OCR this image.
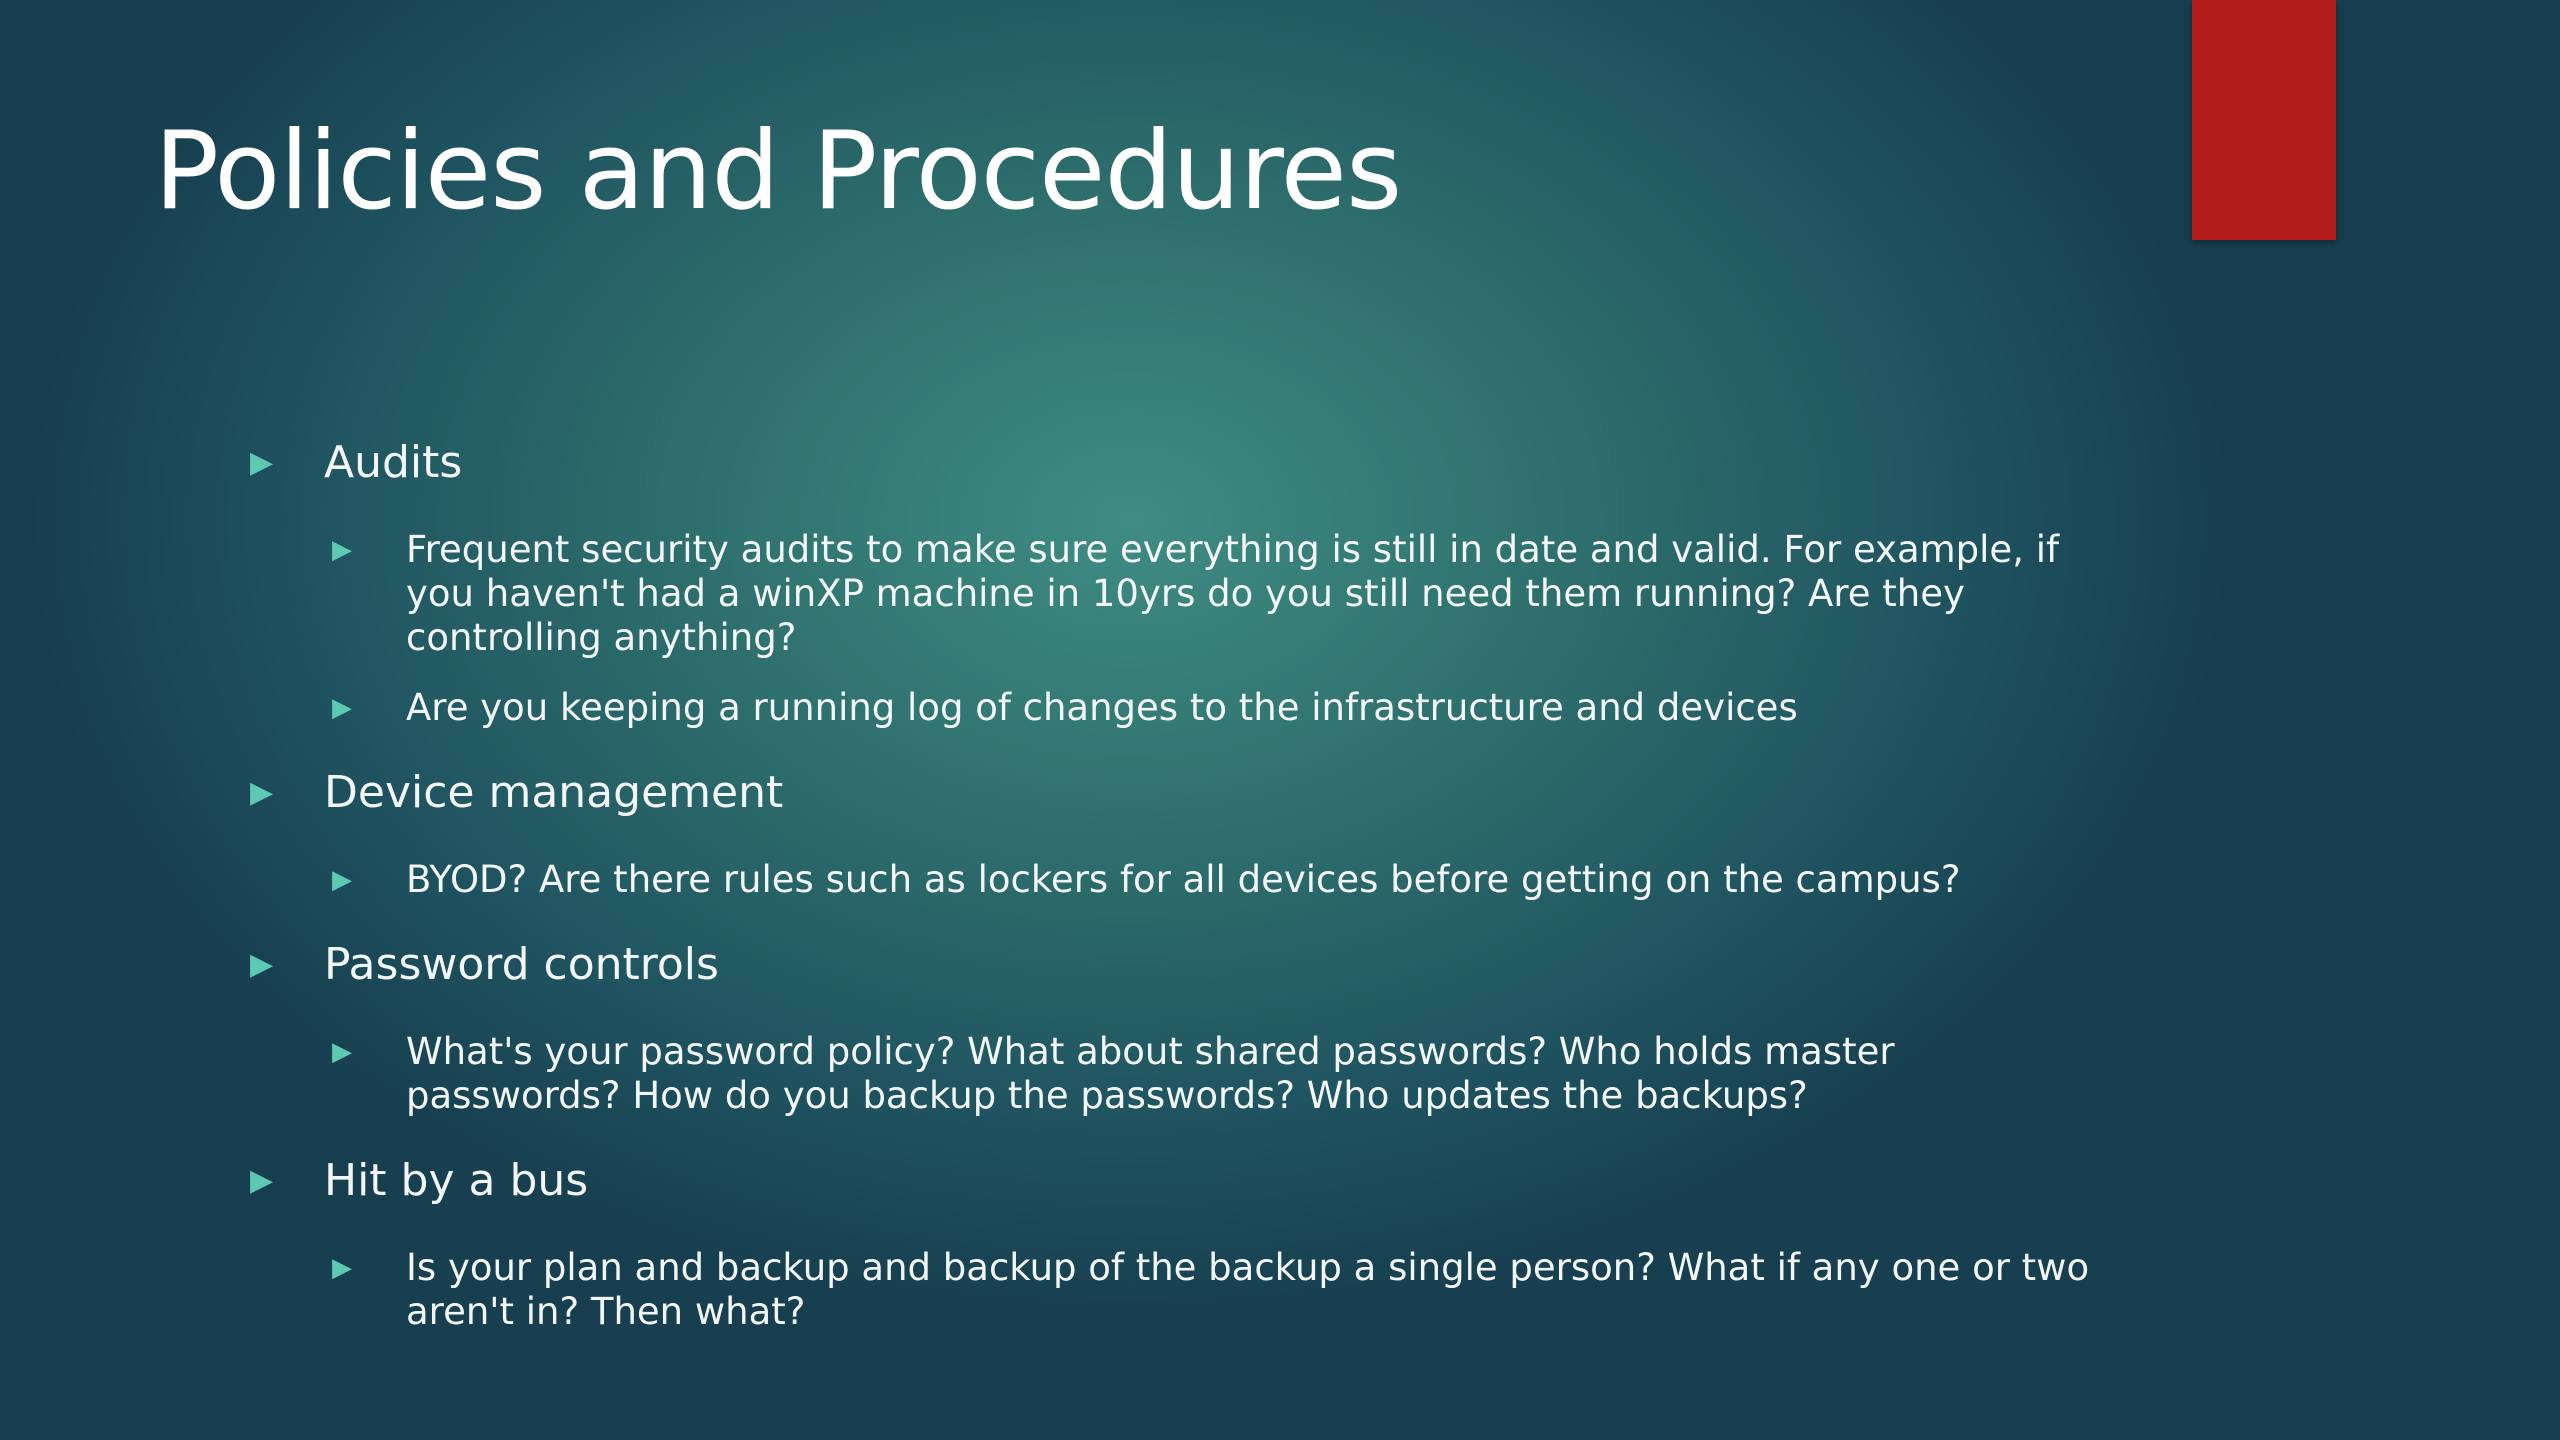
Policies and Procedures
▶	Audits
▶	Frequent security audits to make sure everything is still in date and valid. For example, if you haven't had a winXP machine in 10yrs do you still need them running? Are they controlling anything?
▶	Are you keeping a running log of changes to the infrastructure and devices
▶	Device management
▶	BYOD? Are there rules such as lockers for all devices before getting on the campus?
▶	Password controls
▶	What's your password policy? What about shared passwords? Who holds master passwords? How do you backup the passwords? Who updates the backups?
▶	Hit by a bus
▶	Is your plan and backup and backup of the backup a single person? What if any one or two aren't in? Then what?
